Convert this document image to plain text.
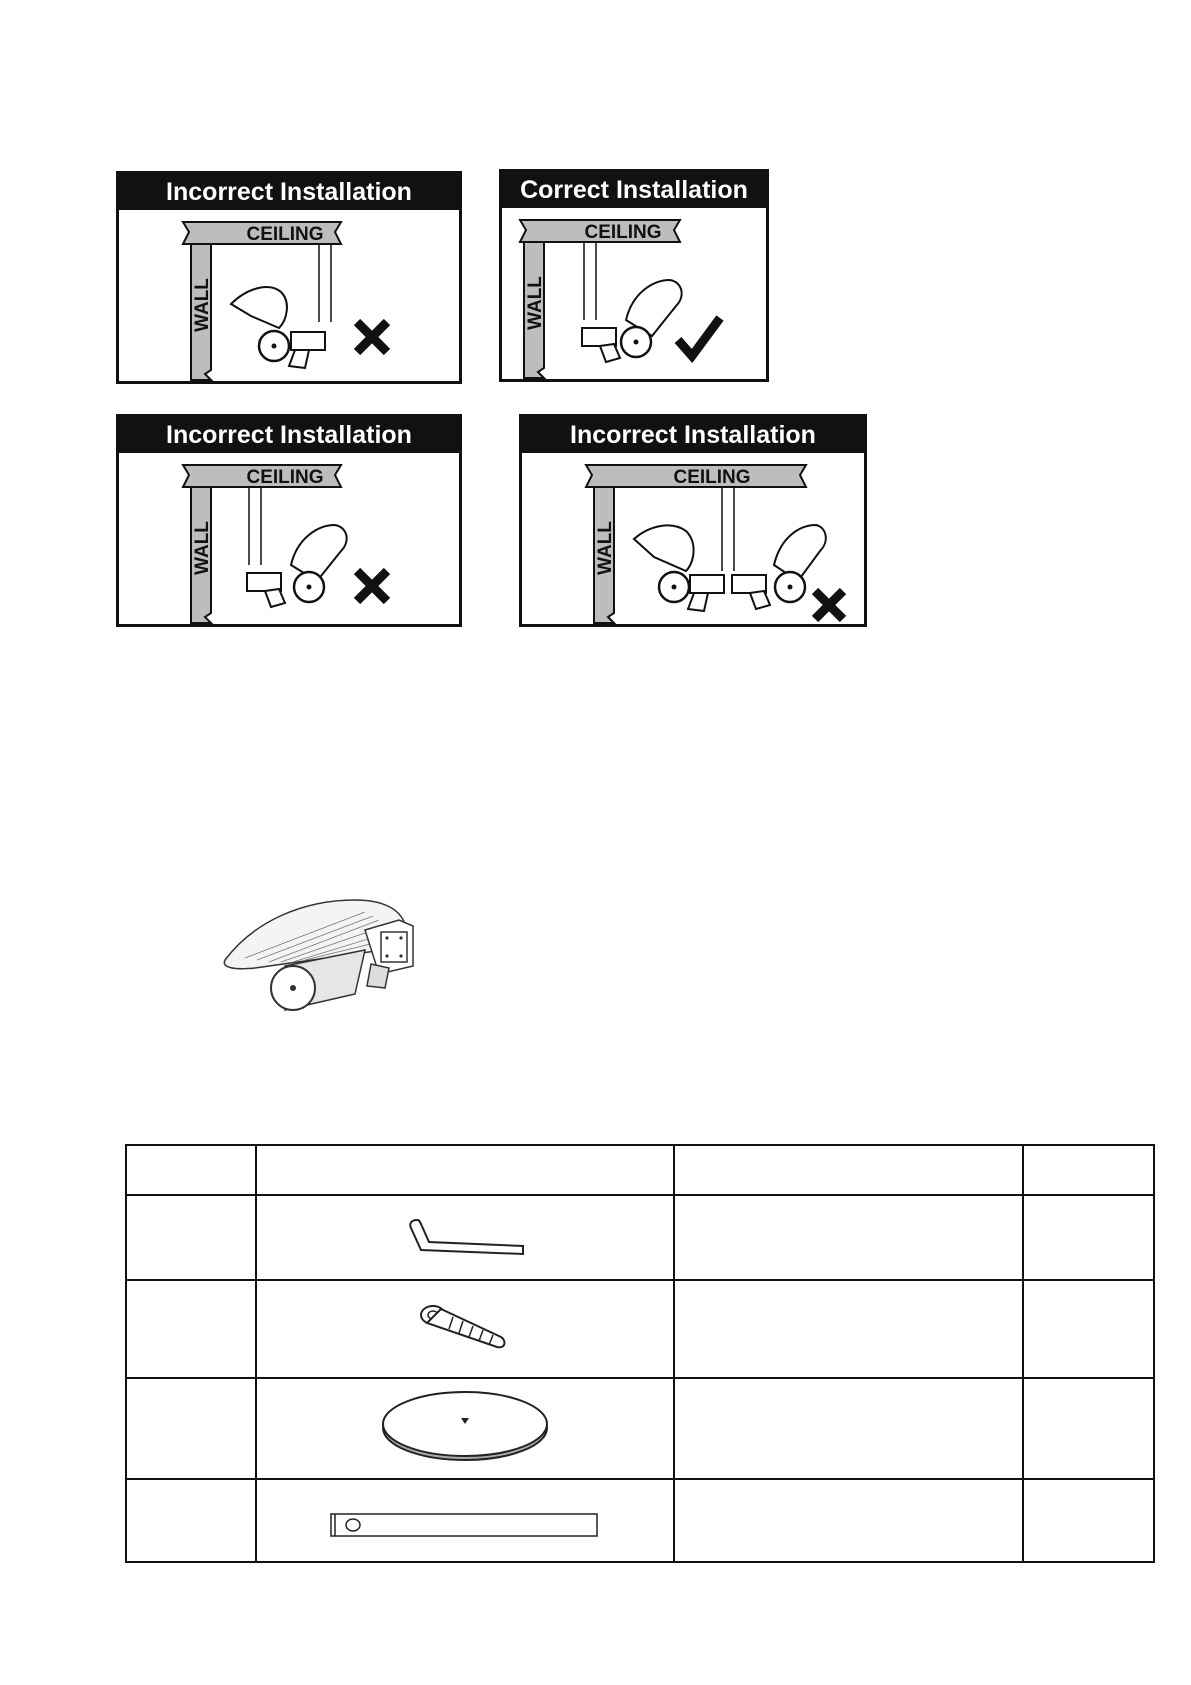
Incorrect Installation
CEILING
WALL
Correct Installation
CEILING
WALL
Incorrect Installation
CEILING
WALL
Incorrect Installation
CEILING
WALL
